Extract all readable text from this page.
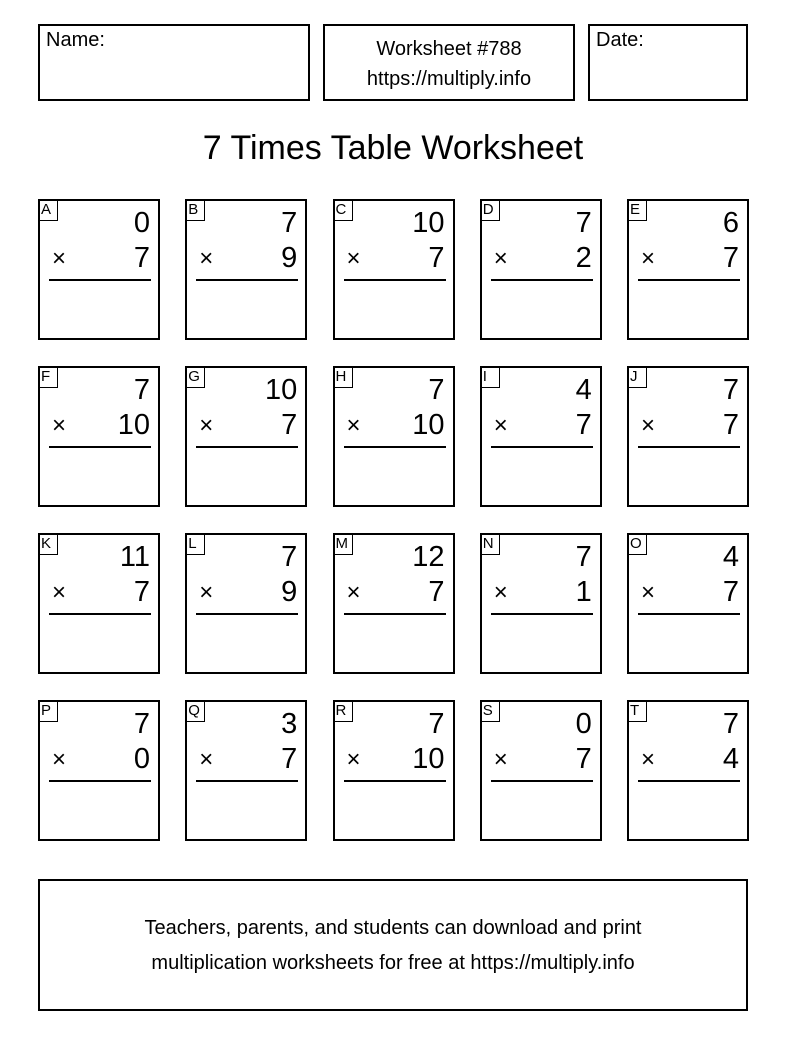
Name:	Worksheet #788
https://multiply.info
Date:
7 Times Table Worksheet
A	0
× 7
B	7
× 9
C 10
× 7
D	7
× 2
E	6
× 7
F	7
× 10
G 10
× 7
H	7
× 10
I	4
× 7
J	7
× 7
K 11
× 7
L	7
× 9
M 12
× 7
N	7
× 1
O	4
× 7
P	7
× 0
Q	3
× 7
R	7
× 10
S	0
× 7
T	7
× 4
Teachers, parents, and students can download and print
multiplication worksheets for free at https://multiply.info
